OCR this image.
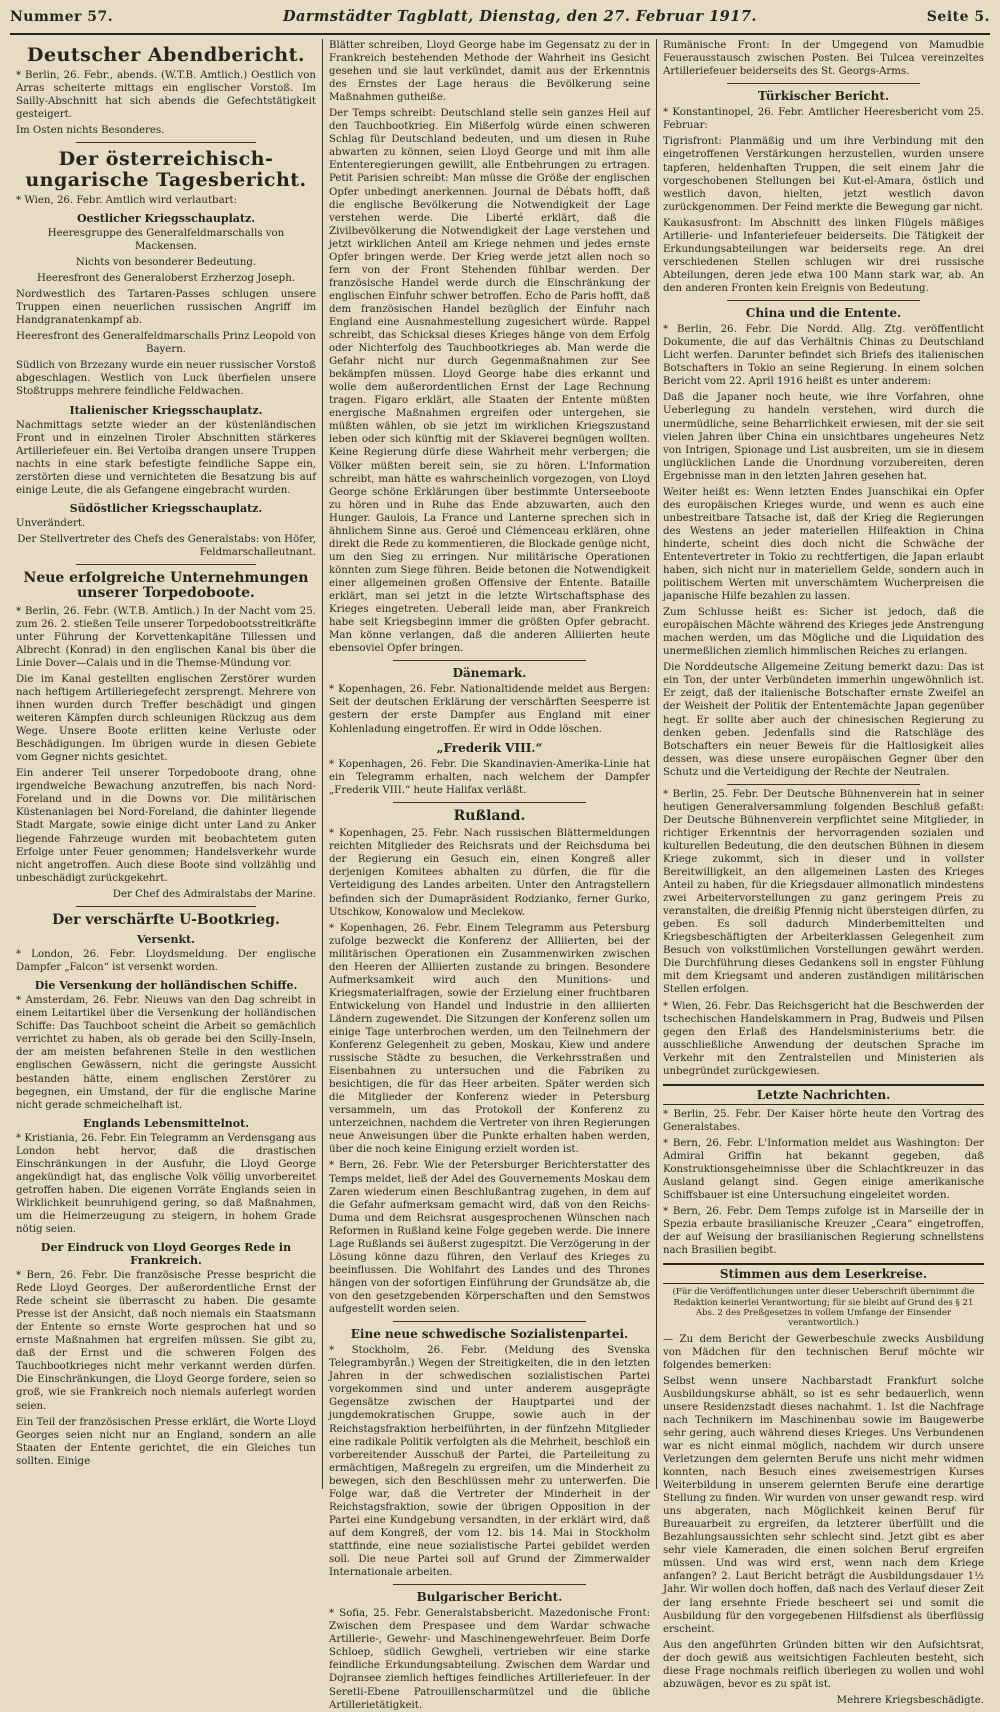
Nummer 57.	Darmstädter Tagblatt, Dienstag, den 27. Februar 1917.	Seite 5.
Deutscher Abendbericht.

* Berlin, 26. Febr., abends. (W.T.B. Amtlich.) Oestlich von Arras scheiterte mittags ein englischer Vorstoß. Im Sailly-Abschnitt hat sich abends die Gefechtstätigkeit gesteigert.

Im Osten nichts Besonderes.

Der österreichisch-ungarische Tagesbericht.

* Wien, 26. Febr. Amtlich wird verlautbart:

Oestlicher Kriegsschauplatz.

Heeresgruppe des Generalfeldmarschalls von Mackensen.

Nichts von besonderer Bedeutung.

Heeresfront des Generaloberst Erzherzog Joseph.

Nordwestlich des Tartaren-Passes schlugen unsere Truppen einen neuerlichen russischen Angriff im Handgranatenkampf ab.

Heeresfront des Generalfeldmarschalls Prinz Leopold von Bayern.

Südlich von Brzezany wurde ein neuer russischer Vorstoß abgeschlagen. Westlich von Luck überfielen unsere Stoßtrupps mehrere feindliche Feldwachen.

Italienischer Kriegsschauplatz.

Nachmittags setzte wieder an der küstenländischen Front und in einzelnen Tiroler Abschnitten stärkeres Artilleriefeuer ein. Bei Vertoiba drangen unsere Truppen nachts in eine stark befestigte feindliche Sappe ein, zerstörten diese und vernichteten die Besatzung bis auf einige Leute, die als Gefangene eingebracht wurden.

Südöstlicher Kriegsschauplatz.

Unverändert.

Der Stellvertreter des Chefs des Generalstabs: von Höfer, Feldmarschalleutnant.

Neue erfolgreiche Unternehmungen unserer Torpedoboote.

* Berlin, 26. Febr. (W.T.B. Amtlich.) In der Nacht vom 25. zum 26. 2. stießen Teile unserer Torpedobootsstreitkräfte unter Führung der Korvettenkapitäne Tillessen und Albrecht (Konrad) in den englischen Kanal bis über die Linie Dover—Calais und in die Themse-Mündung vor.

Die im Kanal gestellten englischen Zerstörer wurden nach heftigem Artilleriegefecht zersprengt. Mehrere von ihnen wurden durch Treffer beschädigt und gingen weiteren Kämpfen durch schleunigen Rückzug aus dem Wege. Unsere Boote erlitten keine Verluste oder Beschädigungen. Im übrigen wurde in diesen Gebiete vom Gegner nichts gesichtet.

Ein anderer Teil unserer Torpedoboote drang, ohne irgendwelche Bewachung anzutreffen, bis nach Nord-Foreland und in die Downs vor. Die militärischen Küstenanlagen bei Nord-Foreland, die dahinter liegende Stadt Margate, sowie einige dicht unter Land zu Anker liegende Fahrzeuge wurden mit beobachtetem guten Erfolge unter Feuer genommen; Handelsverkehr wurde nicht angetroffen. Auch diese Boote sind vollzählig und unbeschädigt zurückgekehrt.

Der Chef des Admiralstabs der Marine.

Der verschärfte U-Bootkrieg.
Versenkt.

* London, 26. Febr. Lloydsmeldung. Der englische Dampfer „Falcon“ ist versenkt worden.

Die Versenkung der holländischen Schiffe.

* Amsterdam, 26. Febr. Nieuws van den Dag schreibt in einem Leitartikel über die Versenkung der holländischen Schiffe: Das Tauchboot scheint die Arbeit so gemächlich verrichtet zu haben, als ob gerade bei den Scilly-Inseln, der am meisten befahrenen Stelle in den westlichen englischen Gewässern, nicht die geringste Aussicht bestanden hätte, einem englischen Zerstörer zu begegnen, ein Umstand, der für die englische Marine nicht gerade schmeichelhaft ist.

Englands Lebensmittelnot.

* Kristiania, 26. Febr. Ein Telegramm an Verdensgang aus London hebt hervor, daß die drastischen Einschränkungen in der Ausfuhr, die Lloyd George angekündigt hat, das englische Volk völlig unvorbereitet getroffen haben. Die eigenen Vorräte Englands seien in Wirklichkeit beunruhigend gering, so daß Maßnahmen, um die Heimerzeugung zu steigern, in hohem Grade nötig seien.

Der Eindruck von Lloyd Georges Rede in Frankreich.

* Bern, 26. Febr. Die französische Presse bespricht die Rede Lloyd Georges. Der außerordentliche Ernst der Rede scheint sie überrascht zu haben. Die gesamte Presse ist der Ansicht, daß noch niemals ein Staatsmann der Entente so ernste Worte gesprochen hat und so ernste Maßnahmen hat ergreifen müssen. Sie gibt zu, daß der Ernst und die schweren Folgen des Tauchbootkrieges nicht mehr verkannt werden dürfen. Die Einschränkungen, die Lloyd George fordere, seien so groß, wie sie Frankreich noch niemals auferlegt worden seien.

Ein Teil der französischen Presse erklärt, die Worte Lloyd Georges seien nicht nur an England, sondern an alle Staaten der Entente gerichtet, die ein Gleiches tun sollten. Einige

Blätter schreiben, Lloyd George habe im Gegensatz zu der in Frankreich bestehenden Methode der Wahrheit ins Gesicht gesehen und sie laut verkündet, damit aus der Erkenntnis des Ernstes der Lage heraus die Bevölkerung seine Maßnahmen gutheiße.

Der Temps schreibt: Deutschland stelle sein ganzes Heil auf den Tauchbootkrieg. Ein Mißerfolg würde einen schweren Schlag für Deutschland bedeuten, und um diesen in Ruhe abwarten zu können, seien Lloyd George und mit ihm alle Ententeregierungen gewillt, alle Entbehrungen zu ertragen. Petit Parisien schreibt: Man müsse die Größe der englischen Opfer unbedingt anerkennen. Journal de Débats hofft, daß die englische Bevölkerung die Notwendigkeit der Lage verstehen werde. Die Liberté erklärt, daß die Zivilbevölkerung die Notwendigkeit der Lage verstehen und jetzt wirklichen Anteil am Kriege nehmen und jedes ernste Opfer bringen werde. Der Krieg werde jetzt allen noch so fern von der Front Stehenden fühlbar werden. Der französische Handel werde durch die Einschränkung der englischen Einfuhr schwer betroffen. Echo de Paris hofft, daß dem französischen Handel bezüglich der Einfuhr nach England eine Ausnahmestellung zugesichert würde. Rappel schreibt, das Schicksal dieses Krieges hänge von dem Erfolg oder Nichterfolg des Tauchbootkrieges ab. Man werde die Gefahr nicht nur durch Gegenmaßnahmen zur See bekämpfen müssen. Lloyd George habe dies erkannt und wolle dem außerordentlichen Ernst der Lage Rechnung tragen. Figaro erklärt, alle Staaten der Entente müßten energische Maßnahmen ergreifen oder untergehen, sie müßten wählen, ob sie jetzt im wirklichen Kriegszustand leben oder sich künftig mit der Sklaverei begnügen wollten. Keine Regierung dürfe diese Wahrheit mehr verbergen; die Völker müßten bereit sein, sie zu hören. L'Information schreibt, man hätte es wahrscheinlich vorgezogen, von Lloyd George schöne Erklärungen über bestimmte Unterseeboote zu hören und in Ruhe das Ende abzuwarten, auch den Hunger. Gaulois, La France und Lanterne sprechen sich in ähnlichem Sinne aus. Geroé und Clémenceau erklären, ohne direkt die Rede zu kommentieren, die Blockade genüge nicht, um den Sieg zu erringen. Nur militärische Operationen könnten zum Siege führen. Beide betonen die Notwendigkeit einer allgemeinen großen Offensive der Entente. Bataille erklärt, man sei jetzt in die letzte Wirtschaftsphase des Krieges eingetreten. Ueberall leide man, aber Frankreich habe seit Kriegsbeginn immer die größten Opfer gebracht. Man könne verlangen, daß die anderen Alliierten heute ebensoviel Opfer bringen.

Dänemark.

* Kopenhagen, 26. Febr. Nationaltidende meldet aus Bergen: Seit der deutschen Erklärung der verschärften Seesperre ist gestern der erste Dampfer aus England mit einer Kohlenladung eingetroffen. Er wird in Odde löschen.

„Frederik VIII.“

* Kopenhagen, 26. Febr. Die Skandinavien-Amerika-Linie hat ein Telegramm erhalten, nach welchem der Dampfer „Frederik VIII.“ heute Halifax verläßt.

Rußland.

* Kopenhagen, 25. Febr. Nach russischen Blättermeldungen reichten Mitglieder des Reichsrats und der Reichsduma bei der Regierung ein Gesuch ein, einen Kongreß aller derjenigen Komitees abhalten zu dürfen, die für die Verteidigung des Landes arbeiten. Unter den Antragstellern befinden sich der Dumapräsident Rodzianko, ferner Gurko, Utschkow, Konowalow und Meclekow.

* Kopenhagen, 26. Febr. Einem Telegramm aus Petersburg zufolge bezweckt die Konferenz der Alliierten, bei der militärischen Operationen ein Zusammenwirken zwischen den Heeren der Alliierten zustande zu bringen. Besondere Aufmerksamkeit wird auch den Munitions- und Kriegsmaterialfragen, sowie der Erzielung einer fruchtbaren Entwickelung von Handel und Industrie in den alliierten Ländern zugewendet. Die Sitzungen der Konferenz sollen um einige Tage unterbrochen werden, um den Teilnehmern der Konferenz Gelegenheit zu geben, Moskau, Kiew und andere russische Städte zu besuchen, die Verkehrsstraßen und Eisenbahnen zu untersuchen und die Fabriken zu besichtigen, die für das Heer arbeiten. Später werden sich die Mitglieder der Konferenz wieder in Petersburg versammeln, um das Protokoll der Konferenz zu unterzeichnen, nachdem die Vertreter von ihren Regierungen neue Anweisungen über die Punkte erhalten haben werden, über die noch keine Einigung erzielt worden ist.

* Bern, 26. Febr. Wie der Petersburger Berichterstatter des Temps meldet, ließ der Adel des Gouvernements Moskau dem Zaren wiederum einen Beschlußantrag zugehen, in dem auf die Gefahr aufmerksam gemacht wird, daß von den Reichs-Duma und dem Reichsrat ausgesprochenen Wünschen nach Reformen in Rußland keine Folge gegeben werde. Die innere Lage Rußlands sei äußerst zugespitzt. Die Verzögerung in der Lösung könne dazu führen, den Verlauf des Krieges zu beeinflussen. Die Wohlfahrt des Landes und des Thrones hängen von der sofortigen Einführung der Grundsätze ab, die von den gesetzgebenden Körperschaften und den Semstwos aufgestellt worden seien.

Eine neue schwedische Sozialistenpartei.

* Stockholm, 26. Febr. (Meldung des Svenska Telegrambyrån.) Wegen der Streitigkeiten, die in den letzten Jahren in der schwedischen sozialistischen Partei vorgekommen sind und unter anderem ausgeprägte Gegensätze zwischen der Hauptpartei und der jungdemokratischen Gruppe, sowie auch in der Reichstagsfraktion herbeiführten, in der fünfzehn Mitglieder eine radikale Politik verfolgten als die Mehrheit, beschloß ein vorbereitender Ausschuß der Partei, die Parteileitung zu ermächtigen, Maßregeln zu ergreifen, um die Minderheit zu bewegen, sich den Beschlüssen mehr zu unterwerfen. Die Folge war, daß die Vertreter der Minderheit in der Reichstagsfraktion, sowie der übrigen Opposition in der Partei eine Kundgebung versandten, in der erklärt wird, daß auf dem Kongreß, der vom 12. bis 14. Mai in Stockholm stattfinde, eine neue sozialistische Partei gebildet werden soll. Die neue Partei soll auf Grund der Zimmerwalder Internationale arbeiten.

Bulgarischer Bericht.

* Sofia, 25. Febr. Generalstabsbericht. Mazedonische Front: Zwischen dem Prespasee und dem Wardar schwache Artillerie-, Gewehr- und Maschinengewehrfeuer. Beim Dorfe Schloep, südlich Gewgheli, vertrieben wir eine starke feindliche Erkundungsabteilung. Zwischen dem Wardar und Dojransee ziemlich heftiges feindliches Artilleriefeuer. In der Seretli-Ebene Patrouillenscharmützel und die übliche Artillerietätigkeit.

Rumänische Front: In der Umgegend von Mamudbie Feuerausstausch zwischen Posten. Bei Tulcea vereinzeltes Artilleriefeuer beiderseits des St. Georgs-Arms.

Türkischer Bericht.

* Konstantinopel, 26. Febr. Amtlicher Heeresbericht vom 25. Februar:

Tigrisfront: Planmäßig und um ihre Verbindung mit den eingetroffenen Verstärkungen herzustellen, wurden unsere tapferen, heldenhaften Truppen, die seit einem Jahr die vorgeschobenen Stellungen bei Kut-el-Amara, östlich und westlich davon, hielten, jetzt westlich davon zurückgenommen. Der Feind merkte die Bewegung gar nicht.

Kaukasusfront: Im Abschnitt des linken Flügels mäßiges Artillerie- und Infanteriefeuer beiderseits. Die Tätigkeit der Erkundungsabteilungen war beiderseits rege. An drei verschiedenen Stellen schlugen wir drei russische Abteilungen, deren jede etwa 100 Mann stark war, ab. An den anderen Fronten kein Ereignis von Bedeutung.

China und die Entente.

* Berlin, 26. Febr. Die Nordd. Allg. Ztg. veröffentlicht Dokumente, die auf das Verhältnis Chinas zu Deutschland Licht werfen. Darunter befindet sich Briefs des italienischen Botschafters in Tokio an seine Regierung. In einem solchen Bericht vom 22. April 1916 heißt es unter anderem:

Daß die Japaner noch heute, wie ihre Vorfahren, ohne Ueberlegung zu handeln verstehen, wird durch die unermüdliche, seine Beharrlichkeit erwiesen, mit der sie seit vielen Jahren über China ein unsichtbares ungeheures Netz von Intrigen, Spionage und List ausbreiten, um sie in diesem unglücklichen Lande die Unordnung vorzubereiten, deren Ergebnisse man in den letzten Jahren gesehen hat.

Weiter heißt es: Wenn letzten Endes Juanschikai ein Opfer des europäischen Krieges wurde, und wenn es auch eine unbestreitbare Tatsache ist, daß der Krieg die Regierungen des Westens an jeder materiellen Hilfeaktion in China hinderte, scheint dies doch nicht die Schwäche der Ententevertreter in Tokio zu rechtfertigen, die Japan erlaubt haben, sich nicht nur in materiellem Gelde, sondern auch in politischem Werten mit unverschämtem Wucherpreisen die japanische Hilfe bezahlen zu lassen.

Zum Schlusse heißt es: Sicher ist jedoch, daß die europäischen Mächte während des Krieges jede Anstrengung machen werden, um das Mögliche und die Liquidation des unermeßlichen ziemlich himmlischen Reiches zu erlangen.

Die Norddeutsche Allgemeine Zeitung bemerkt dazu: Das ist ein Ton, der unter Verbündeten immerhin ungewöhnlich ist. Er zeigt, daß der italienische Botschafter ernste Zweifel an der Weisheit der Politik der Ententemächte Japan gegenüber hegt. Er sollte aber auch der chinesischen Regierung zu denken geben. Jedenfalls sind die Ratschläge des Botschafters ein neuer Beweis für die Haltlosigkeit alles dessen, was diese unsere europäischen Gegner über den Schutz und die Verteidigung der Rechte der Neutralen.

* Berlin, 25. Febr. Der Deutsche Bühnenverein hat in seiner heutigen Generalversammlung folgenden Beschluß gefaßt: Der Deutsche Bühnenverein verpflichtet seine Mitglieder, in richtiger Erkenntnis der hervorragenden sozialen und kulturellen Bedeutung, die den deutschen Bühnen in diesem Kriege zukommt, sich in dieser und in vollster Bereitwilligkeit, an den allgemeinen Lasten des Krieges Anteil zu haben, für die Kriegsdauer allmonatlich mindestens zwei Arbeitervorstellungen zu ganz geringem Preis zu veranstalten, die dreißig Pfennig nicht übersteigen dürfen, zu geben. Es soll dadurch Minderbemittelten und Kriegsbeschäftigten der Arbeiterklassen Gelegenheit zum Besuch von volkstümlichen Vorstellungen gewährt werden. Die Durchführung dieses Gedankens soll in engster Fühlung mit dem Kriegsamt und anderen zuständigen militärischen Stellen erfolgen.

* Wien, 26. Febr. Das Reichsgericht hat die Beschwerden der tschechischen Handelskammern in Prag, Budweis und Pilsen gegen den Erlaß des Handelsministeriums betr. die ausschließliche Anwendung der deutschen Sprache im Verkehr mit den Zentralstellen und Ministerien als unbegründet zurückgewiesen.

Letzte Nachrichten.

* Berlin, 25. Febr. Der Kaiser hörte heute den Vortrag des Generalstabes.

* Bern, 26. Febr. L'Information meldet aus Washington: Der Admiral Griffin hat bekannt gegeben, daß Konstruktionsgeheimnisse über die Schlachtkreuzer in das Ausland gelangt sind. Gegen einige amerikanische Schiffsbauer ist eine Untersuchung eingeleitet worden.

* Bern, 26. Febr. Dem Temps zufolge ist in Marseille der in Spezia erbaute brasilianische Kreuzer „Ceara“ eingetroffen, der auf Weisung der brasilianischen Regierung schnellstens nach Brasilien begibt.

Stimmen aus dem Leserkreise.
(Für die Veröffentlichungen unter dieser Ueberschrift übernimmt die Redaktion keinerlei Verantwortung; für sie bleibt auf Grund des § 21 Abs. 2 des Preßgesetzes in vollem Umfange der Einsender verantwortlich.)

— Zu dem Bericht der Gewerbeschule zwecks Ausbildung von Mädchen für den technischen Beruf möchte wir folgendes bemerken:

Selbst wenn unsere Nachbarstadt Frankfurt solche Ausbildungskurse abhält, so ist es sehr bedauerlich, wenn unsere Residenzstadt dieses nachahmt. 1. Ist die Nachfrage nach Technikern im Maschinenbau sowie im Baugewerbe sehr gering, auch während dieses Krieges. Uns Verbundenen war es nicht einmal möglich, nachdem wir durch unsere Verletzungen dem gelernten Berufe uns nicht mehr widmen konnten, nach Besuch eines zweisemestrigen Kurses Weiterbildung in unserem gelernten Berufe eine derartige Stellung zu finden. Wir wurden von unser gewandt resp. wird uns abgeraten, nach Möglichkeit keinen Beruf für Bureauarbeit zu ergreifen, da letzterer überfüllt und die Bezahlungsaussichten sehr schlecht sind. Jetzt gibt es aber sehr viele Kameraden, die einen solchen Beruf ergreifen müssen. Und was wird erst, wenn nach dem Kriege anfangen? 2. Laut Bericht beträgt die Ausbildungsdauer 1½ Jahr. Wir wollen doch hoffen, daß nach des Verlauf dieser Zeit der lang ersehnte Friede bescheert sei und somit die Ausbildung für den vorgegebenen Hilfsdienst als überflüssig erscheint.

Aus den angeführten Gründen bitten wir den Aufsichtsrat, der doch gewiß aus weitsichtigen Fachleuten besteht, sich diese Frage nochmals reiflich überlegen zu wollen und wohl abzuwägen, bevor es zu spät ist.

Mehrere Kriegsbeschädigte.
